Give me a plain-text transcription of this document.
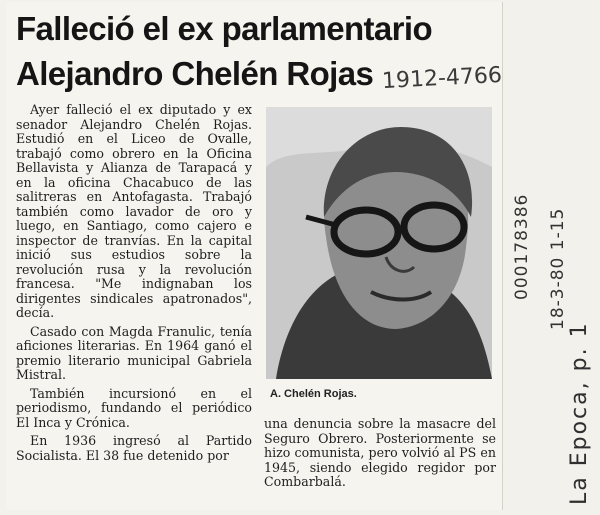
Falleció el ex parlamentario
Alejandro Chelén Rojas 1912-4766

Ayer falleció el ex diputado y ex senador Alejandro Chelén Rojas. Estudió en el Liceo de Ovalle, trabajó como obrero en la Oficina Bellavista y Alianza de Tarapacá y en la oficina Chacabuco de las salitreras en Antofagasta. Trabajó también como lavador de oro y luego, en Santiago, como cajero e inspector de tranvías. En la capital inició sus estudios sobre la revolución rusa y la revolución francesa. "Me indignaban los dirigentes sindicales apatronados", decía.

Casado con Magda Franulic, tenía aficiones literarias. En 1964 ganó el premio literario municipal Gabriela Mistral.

También incursionó en el periodismo, fundando el periódico El Inca y Crónica.

En 1936 ingresó al Partido Socialista. El 38 fue detenido por

A. Chelén Rojas.

una denuncia sobre la masacre del Seguro Obrero. Posteriormente se hizo comunista, pero volvió al PS en 1945, siendo elegido regidor por Combarbalá.

000178386 18-3-80 1-15
La Epoca, p. 1
